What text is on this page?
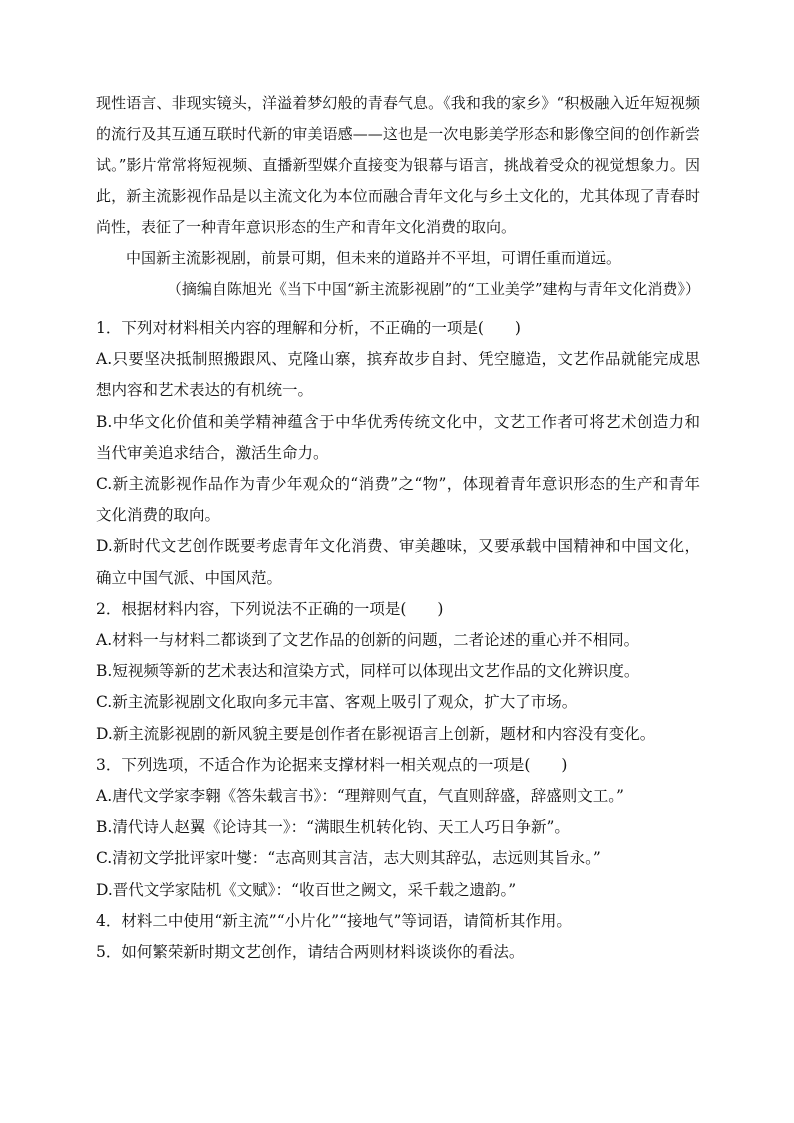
现性语言、非现实镜头，洋溢着梦幻般的青春气息。《我和我的家乡》“积极融入近年短视频的流行及其互通互联时代新的审美语感——这也是一次电影美学形态和影像空间的创作新尝试。”影片常常将短视频、直播新型媒介直接变为银幕与语言，挑战着受众的视觉想象力。因此，新主流影视作品是以主流文化为本位而融合青年文化与乡土文化的，尤其体现了青春时尚性，表征了一种青年意识形态的生产和青年文化消费的取向。

中国新主流影视剧，前景可期，但未来的道路并不平坦，可谓任重而道远。

（摘编自陈旭光《当下中国“新主流影视剧”的“工业美学”建构与青年文化消费》）

1．下列对材料相关内容的理解和分析，不正确的一项是(　　)

A.只要坚决抵制照搬跟风、克隆山寨，摈弃故步自封、凭空臆造，文艺作品就能完成思想内容和艺术表达的有机统一。

B.中华文化价值和美学精神蕴含于中华优秀传统文化中，文艺工作者可将艺术创造力和当代审美追求结合，激活生命力。

C.新主流影视作品作为青少年观众的“消费”之“物”，体现着青年意识形态的生产和青年文化消费的取向。

D.新时代文艺创作既要考虑青年文化消费、审美趣味，又要承载中国精神和中国文化，确立中国气派、中国风范。

2．根据材料内容，下列说法不正确的一项是(　　)

A.材料一与材料二都谈到了文艺作品的创新的问题，二者论述的重心并不相同。

B.短视频等新的艺术表达和渲染方式，同样可以体现出文艺作品的文化辨识度。

C.新主流影视剧文化取向多元丰富、客观上吸引了观众，扩大了市场。

D.新主流影视剧的新风貌主要是创作者在影视语言上创新，题材和内容没有变化。

3．下列选项，不适合作为论据来支撑材料一相关观点的一项是(　　)

A.唐代文学家李翱《答朱载言书》：“理辩则气直，气直则辞盛，辞盛则文工。”

B.清代诗人赵翼《论诗其一》：“满眼生机转化钧、天工人巧日争新”。

C.清初文学批评家叶燮：“志高则其言洁，志大则其辞弘，志远则其旨永。”

D.晋代文学家陆机《文赋》：“收百世之阙文，采千载之遗韵。”

4．材料二中使用“新主流”“小片化”“接地气”等词语，请简析其作用。

5．如何繁荣新时期文艺创作，请结合两则材料谈谈你的看法。
